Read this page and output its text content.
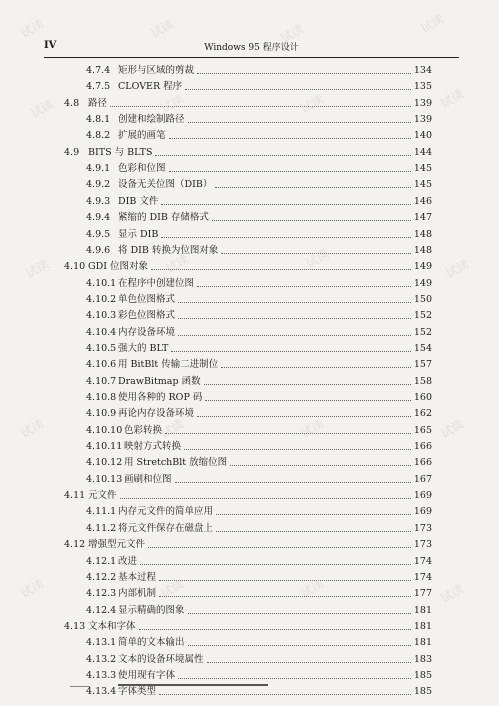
IV	Windows 95 程序设计
4.7.4 矩形与区域的剪裁	134
4.7.5 CLOVER 程序	135
4.8 路径	139
4.8.1 创建和绘制路径	139
4.8.2 扩展的画笔	140
4.9 BITS 与 BLTS	144
4.9.1 色彩和位图	145
4.9.2 设备无关位图（DIB）	145
4.9.3 DIB 文件	146
4.9.4 紧缩的 DIB 存储格式	147
4.9.5 显示 DIB	148
4.9.6 将 DIB 转换为位图对象	148
4.10 GDI 位图对象	149
4.10.1 在程序中创建位图	149
4.10.2 单色位图格式	150
4.10.3 彩色位图格式	152
4.10.4 内存设备环境	152
4.10.5 强大的 BLT	154
4.10.6 用 BitBlt 传输二进制位	157
4.10.7 DrawBitmap 函数	158
4.10.8 使用各种的 ROP 码	160
4.10.9 再论内存设备环境	162
4.10.10 色彩转换	165
4.10.11 映射方式转换	166
4.10.12 用 StretchBlt 放缩位图	166
4.10.13 画刷和位图	167
4.11 元文件	169
4.11.1 内存元文件的简单应用	169
4.11.2 将元文件保存在磁盘上	173
4.12 增强型元文件	173
4.12.1 改进	174
4.12.2 基本过程	174
4.12.3 内部机制	177
4.12.4 显示精确的图象	181
4.13 文本和字体	181
4.13.1 简单的文本输出	181
4.13.2 文本的设备环境属性	183
4.13.3 使用现有字体	185
4.13.4 字体类型	185
试读	试读	试读	试读
试读	试读	试读	试读
试读	试读	试读	试读
试读	试读	试读	试读
试读	试读	试读	试读
